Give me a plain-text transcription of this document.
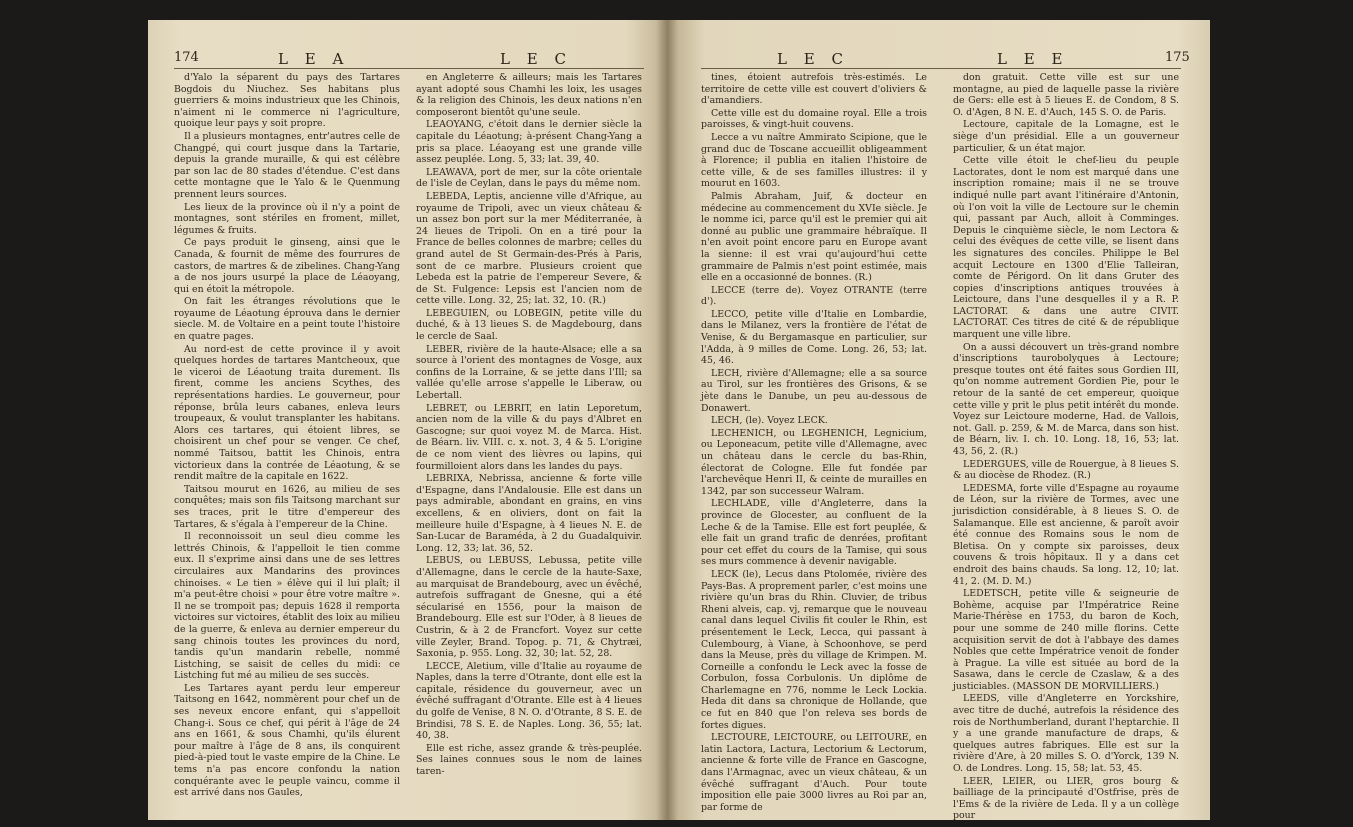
174	L E A	L E C

d'Yalo la séparent du pays des Tartares Bogdois du Niuchez. Ses habitans plus guerriers & moins industrieux que les Chinois, n'aiment ni le commerce ni l'agriculture, quoique leur pays y soit propre.

Il a plusieurs montagnes, entr'autres celle de Changpé, qui court jusque dans la Tartarie, depuis la grande muraille, & qui est célèbre par son lac de 80 stades d'étendue. C'est dans cette montagne que le Yalo & le Quenmung prennent leurs sources.

Les lieux de la province où il n'y a point de montagnes, sont stériles en froment, millet, légumes & fruits.

Ce pays produit le ginseng, ainsi que le Canada, & fournit de même des fourrures de castors, de martres & de zibelines. Chang-Yang a de nos jours usurpé la place de Léaoyang, qui en étoit la métropole.

On fait les étranges révolutions que le royaume de Léaotung éprouva dans le dernier siecle. M. de Voltaire en a peint toute l'histoire en quatre pages.

Au nord-est de cette province il y avoit quelques hordes de tartares Mantcheoux, que le viceroi de Léaotung traita durement. Ils firent, comme les anciens Scythes, des représentations hardies. Le gouverneur, pour réponse, brûla leurs cabanes, enleva leurs troupeaux, & voulut transplanter les habitans. Alors ces tartares, qui étoient libres, se choisirent un chef pour se venger. Ce chef, nommé Taitsou, battit les Chinois, entra victorieux dans la contrée de Léaotung, & se rendit maître de la capitale en 1622.

Taitsou mourut en 1626, au milieu de ses conquêtes; mais son fils Taitsong marchant sur ses traces, prit le titre d'empereur des Tartares, & s'égala à l'empereur de la Chine.

Il reconnoissoit un seul dieu comme les lettrés Chinois, & l'appelloit le tien comme eux. Il s'exprime ainsi dans une de ses lettres circulaires aux Mandarins des provinces chinoises. « Le tien » élève qui il lui plaît; il m'a peut-être choisi » pour être votre maître ». Il ne se trompoit pas; depuis 1628 il remporta victoires sur victoires, établit des loix au milieu de la guerre, & enleva au dernier empereur du sang chinois toutes les provinces du nord, tandis qu'un mandarin rebelle, nommé Listching, se saisit de celles du midi: ce Listching fut mé au milieu de ses succès.

Les Tartares ayant perdu leur empereur Taitsong en 1642, nommèrent pour chef un de ses neveux encore enfant, qui s'appelloit Chang-i. Sous ce chef, qui périt à l'âge de 24 ans en 1661, & sous Chamhi, qu'ils élurent pour maître à l'âge de 8 ans, ils conquirent pied-à-pied tout le vaste empire de la Chine. Le tems n'a pas encore confondu la nation conquérante avec le peuple vaincu, comme il est arrivé dans nos Gaules,

en Angleterre & ailleurs; mais les Tartares ayant adopté sous Chamhi les loix, les usages & la religion des Chinois, les deux nations n'en composeront bientôt qu'une seule.

LEAOYANG, c'étoit dans le dernier siècle la capitale du Léaotung; à-présent Chang-Yang a pris sa place. Léaoyang est une grande ville assez peuplée. Long. 5, 33; lat. 39, 40.

LEAWAVA, port de mer, sur la côte orientale de l'isle de Ceylan, dans le pays du même nom.

LEBEDA, Leptis, ancienne ville d'Afrique, au royaume de Tripoli, avec un vieux château & un assez bon port sur la mer Méditerranée, à 24 lieues de Tripoli. On en a tiré pour la France de belles colonnes de marbre; celles du grand autel de St Germain-des-Prés à Paris, sont de ce marbre. Plusieurs croient que Lebeda est la patrie de l'empereur Severe, & de St. Fulgence: Lepsis est l'ancien nom de cette ville. Long. 32, 25; lat. 32, 10. (R.)

LEBEGUIEN, ou LOBEGIN, petite ville du duché, & à 13 lieues S. de Magdebourg, dans le cercle de Saal.

LEBER, rivière de la haute-Alsace; elle a sa source à l'orient des montagnes de Vosge, aux confins de la Lorraine, & se jette dans l'Ill; sa vallée qu'elle arrose s'appelle le Liberaw, ou Lebertall.

LEBRET, ou LEBRIT, en latin Leporetum, ancien nom de la ville & du pays d'Albret en Gascogne; sur quoi voyez M. de Marca. Hist. de Béarn. liv. VIII. c. x. not. 3, 4 & 5. L'origine de ce nom vient des lièvres ou lapins, qui fourmilloient alors dans les landes du pays.

LEBRIXA, Nebrissa, ancienne & forte ville d'Espagne, dans l'Andalousie. Elle est dans un pays admirable, abondant en grains, en vins excellens, & en oliviers, dont on fait la meilleure huile d'Espagne, à 4 lieues N. E. de San-Lucar de Baraméda, à 2 du Guadalquivir. Long. 12, 33; lat. 36, 52.

LEBUS, ou LEBUSS, Lebussa, petite ville d'Allemagne, dans le cercle de la haute-Saxe, au marquisat de Brandebourg, avec un évêché, autrefois suffragant de Gnesne, qui a été sécularisé en 1556, pour la maison de Brandebourg. Elle est sur l'Oder, à 8 lieues de Custrin, & à 2 de Francfort. Voyez sur cette ville Zeyler, Brand. Topog. p. 71, & Chytræi, Saxonia, p. 955. Long. 32, 30; lat. 52, 28.

LECCE, Aletium, ville d'Italie au royaume de Naples, dans la terre d'Otrante, dont elle est la capitale, résidence du gouverneur, avec un évêché suffragant d'Otrante. Elle est à 4 lieues du golfe de Venise, 8 N. O. d'Otrante, 8 S. E. de Brindisi, 78 S. E. de Naples. Long. 36, 55; lat. 40, 38.

Elle est riche, assez grande & très-peuplée. Ses laines connues sous le nom de laines taren-

L E C	L E E	175

tines, étoient autrefois très-estimés. Le territoire de cette ville est couvert d'oliviers & d'amandiers.

Cette ville est du domaine royal. Elle a trois paroisses, & vingt-huit couvens.

Lecce a vu naître Ammirato Scipione, que le grand duc de Toscane accueillit obligeamment à Florence; il publia en italien l'histoire de cette ville, & de ses familles illustres: il y mourut en 1603.

Palmis Abraham, Juif, & docteur en médecine au commencement du XVIe siècle. Je le nomme ici, parce qu'il est le premier qui ait donné au public une grammaire hébraïque. Il n'en avoit point encore paru en Europe avant la sienne: il est vrai qu'aujourd'hui cette grammaire de Palmis n'est point estimée, mais elle en a occasionné de bonnes. (R.)

LECCE (terre de). Voyez OTRANTE (terre d').

LECCO, petite ville d'Italie en Lombardie, dans le Milanez, vers la frontière de l'état de Venise, & du Bergamasque en particulier, sur l'Adda, à 9 milles de Come. Long. 26, 53; lat. 45, 46.

LECH, rivière d'Allemagne; elle a sa source au Tirol, sur les frontières des Grisons, & se jète dans le Danube, un peu au-dessous de Donawert.

LECH, (le). Voyez LECK.

LECHENICH, ou LEGHENICH, Legnicium, ou Leponeacum, petite ville d'Allemagne, avec un château dans le cercle du bas-Rhin, électorat de Cologne. Elle fut fondée par l'archevêque Henri II, & ceinte de murailles en 1342, par son successeur Walram.

LECHLADE, ville d'Angleterre, dans la province de Glocester, au confluent de la Leche & de la Tamise. Elle est fort peuplée, & elle fait un grand trafic de denrées, profitant pour cet effet du cours de la Tamise, qui sous ses murs commence à devenir navigable.

LECK (le), Lecus dans Ptolomée, rivière des Pays-Bas. A proprement parler, c'est moins une rivière qu'un bras du Rhin. Cluvier, de tribus Rheni alveis, cap. vj, remarque que le nouveau canal dans lequel Civilis fit couler le Rhin, est présentement le Leck, Lecca, qui passant à Culembourg, à Viane, à Schoonhove, se perd dans la Meuse, près du village de Krimpen. M. Corneille a confondu le Leck avec la fosse de Corbulon, fossa Corbulonis. Un diplôme de Charlemagne en 776, nomme le Leck Lockia. Heda dit dans sa chronique de Hollande, que ce fut en 840 que l'on releva ses bords de fortes digues.

LECTOURE, LEICTOURE, ou LEITOURE, en latin Lactora, Lactura, Lectorium & Lectorum, ancienne & forte ville de France en Gascogne, dans l'Armagnac, avec un vieux château, & un évêché suffragant d'Auch. Pour toute imposition elle paie 3000 livres au Roi par an, par forme de

don gratuit. Cette ville est sur une montagne, au pied de laquelle passe la rivière de Gers: elle est à 5 lieues E. de Condom, 8 S. O. d'Agen, 8 N. E. d'Auch, 145 S. O. de Paris.

Lectoure, capitale de la Lomagne, est le siège d'un présidial. Elle a un gouverneur particulier, & un état major.

Cette ville étoit le chef-lieu du peuple Lactorates, dont le nom est marqué dans une inscription romaine; mais il ne se trouve indiqué nulle part avant l'itinéraire d'Antonin, où l'on voit la ville de Lectoure sur le chemin qui, passant par Auch, alloit à Comminges. Depuis le cinquième siècle, le nom Lectora & celui des évêques de cette ville, se lisent dans les signatures des conciles. Philippe le Bel acquit Lectoure en 1300 d'Elie Talleiran, comte de Périgord. On lit dans Gruter des copies d'inscriptions antiques trouvées à Leictoure, dans l'une desquelles il y a R. P. LACTORAT. & dans une autre CIVIT. LACTORAT. Ces titres de cité & de république marquent une ville libre.

On a aussi découvert un très-grand nombre d'inscriptions taurobolyques à Lectoure; presque toutes ont été faites sous Gordien III, qu'on nomme autrement Gordien Pie, pour le retour de la santé de cet empereur, quoique cette ville y prit le plus petit intérêt du monde. Voyez sur Leictoure moderne, Had. de Vallois, not. Gall. p. 259, & M. de Marca, dans son hist. de Béarn, liv. I. ch. 10. Long. 18, 16, 53; lat. 43, 56, 2. (R.)

LEDERGUES, ville de Rouergue, à 8 lieues S. & au diocèse de Rhodez. (R.)

LEDESMA, forte ville d'Espagne au royaume de Léon, sur la rivière de Tormes, avec une jurisdiction considérable, à 8 lieues S. O. de Salamanque. Elle est ancienne, & paroît avoir été connue des Romains sous le nom de Bletisa. On y compte six paroisses, deux couvens & trois hôpitaux. Il y a dans cet endroit des bains chauds. Sa long. 12, 10; lat. 41, 2. (M. D. M.)

LEDETSCH, petite ville & seigneurie de Bohème, acquise par l'Impératrice Reine Marie-Thérèse en 1753, du baron de Koch, pour une somme de 240 mille florins. Cette acquisition servit de dot à l'abbaye des dames Nobles que cette Impératrice venoit de fonder à Prague. La ville est située au bord de la Sasawa, dans le cercle de Czaslaw, & a des justiciables. (MASSON DE MORVILLIERS.)

LEEDS, ville d'Angleterre en Yorckshire, avec titre de duché, autrefois la résidence des rois de Northumberland, durant l'heptarchie. Il y a une grande manufacture de draps, & quelques autres fabriques. Elle est sur la rivière d'Are, à 20 milles S. O. d'Yorck, 139 N. O. de Londres. Long. 15, 58; lat. 53, 45.

LEER, LEIER, ou LIER, gros bourg & bailliage de la principauté d'Ostfrise, près de l'Ems & de la rivière de Leda. Il y a un collège pour
